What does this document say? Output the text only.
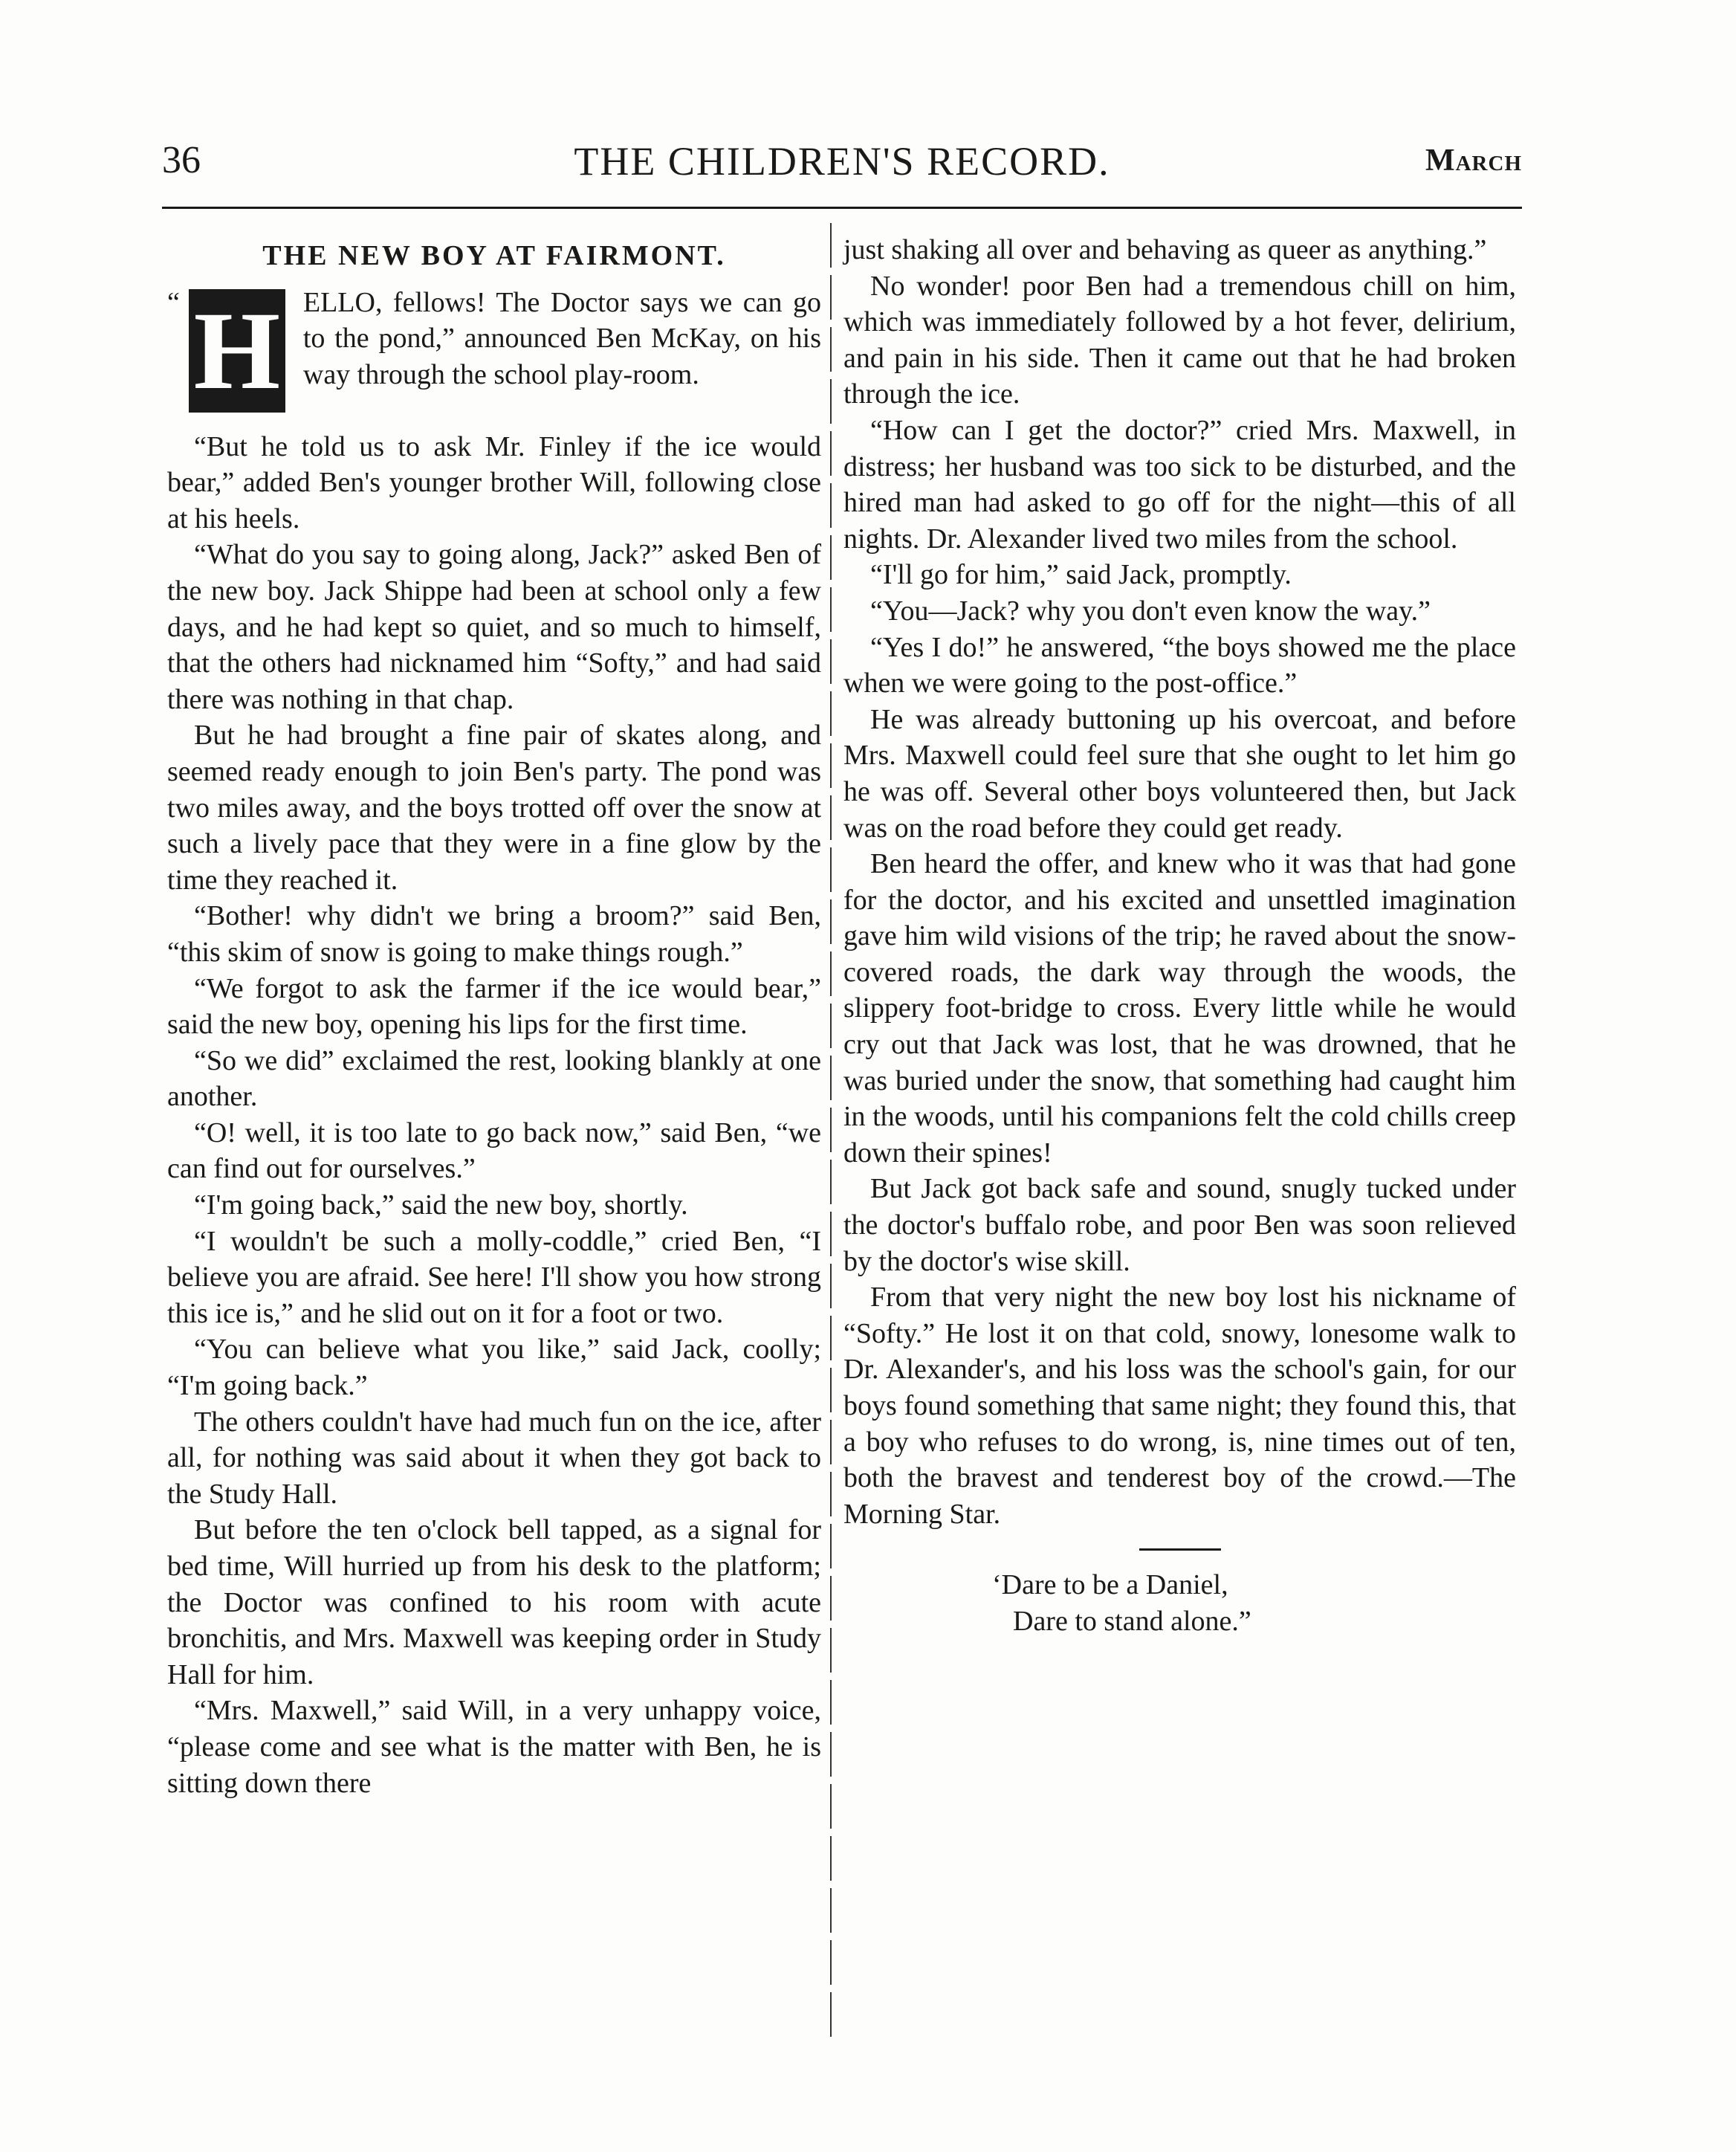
36	THE CHILDREN'S RECORD.	March
THE NEW BOY AT FAIRMONT.

“ H ELLO, fellows! The Doctor says we can go to the pond,” announced Ben McKay, on his way through the school play-room.

“But he told us to ask Mr. Finley if the ice would bear,” added Ben's younger brother Will, following close at his heels.

“What do you say to going along, Jack?” asked Ben of the new boy. Jack Shippe had been at school only a few days, and he had kept so quiet, and so much to himself, that the others had nicknamed him “Softy,” and had said there was nothing in that chap.

But he had brought a fine pair of skates along, and seemed ready enough to join Ben's party. The pond was two miles away, and the boys trotted off over the snow at such a lively pace that they were in a fine glow by the time they reached it.

“Bother! why didn't we bring a broom?” said Ben, “this skim of snow is going to make things rough.”

“We forgot to ask the farmer if the ice would bear,” said the new boy, opening his lips for the first time.

“So we did” exclaimed the rest, looking blankly at one another.

“O! well, it is too late to go back now,” said Ben, “we can find out for ourselves.”

“I'm going back,” said the new boy, shortly.

“I wouldn't be such a molly-coddle,” cried Ben, “I believe you are afraid. See here! I'll show you how strong this ice is,” and he slid out on it for a foot or two.

“You can believe what you like,” said Jack, coolly; “I'm going back.”

The others couldn't have had much fun on the ice, after all, for nothing was said about it when they got back to the Study Hall.

But before the ten o'clock bell tapped, as a signal for bed time, Will hurried up from his desk to the platform; the Doctor was confined to his room with acute bronchitis, and Mrs. Maxwell was keeping order in Study Hall for him.

“Mrs. Maxwell,” said Will, in a very unhappy voice, “please come and see what is the matter with Ben, he is sitting down there

just shaking all over and behaving as queer as anything.”

No wonder! poor Ben had a tremendous chill on him, which was immediately followed by a hot fever, delirium, and pain in his side. Then it came out that he had broken through the ice.

“How can I get the doctor?” cried Mrs. Maxwell, in distress; her husband was too sick to be disturbed, and the hired man had asked to go off for the night—this of all nights. Dr. Alexander lived two miles from the school.

“I'll go for him,” said Jack, promptly.

“You—Jack? why you don't even know the way.”

“Yes I do!” he answered, “the boys showed me the place when we were going to the post-office.”

He was already buttoning up his overcoat, and before Mrs. Maxwell could feel sure that she ought to let him go he was off. Several other boys volunteered then, but Jack was on the road before they could get ready.

Ben heard the offer, and knew who it was that had gone for the doctor, and his excited and unsettled imagination gave him wild visions of the trip; he raved about the snow-covered roads, the dark way through the woods, the slippery foot-bridge to cross. Every little while he would cry out that Jack was lost, that he was drowned, that he was buried under the snow, that something had caught him in the woods, until his companions felt the cold chills creep down their spines!

But Jack got back safe and sound, snugly tucked under the doctor's buffalo robe, and poor Ben was soon relieved by the doctor's wise skill.

From that very night the new boy lost his nickname of “Softy.” He lost it on that cold, snowy, lonesome walk to Dr. Alexander's, and his loss was the school's gain, for our boys found something that same night; they found this, that a boy who refuses to do wrong, is, nine times out of ten, both the bravest and tenderest boy of the crowd.—The Morning Star.

‘Dare to be a Daniel,
Dare to stand alone.”
